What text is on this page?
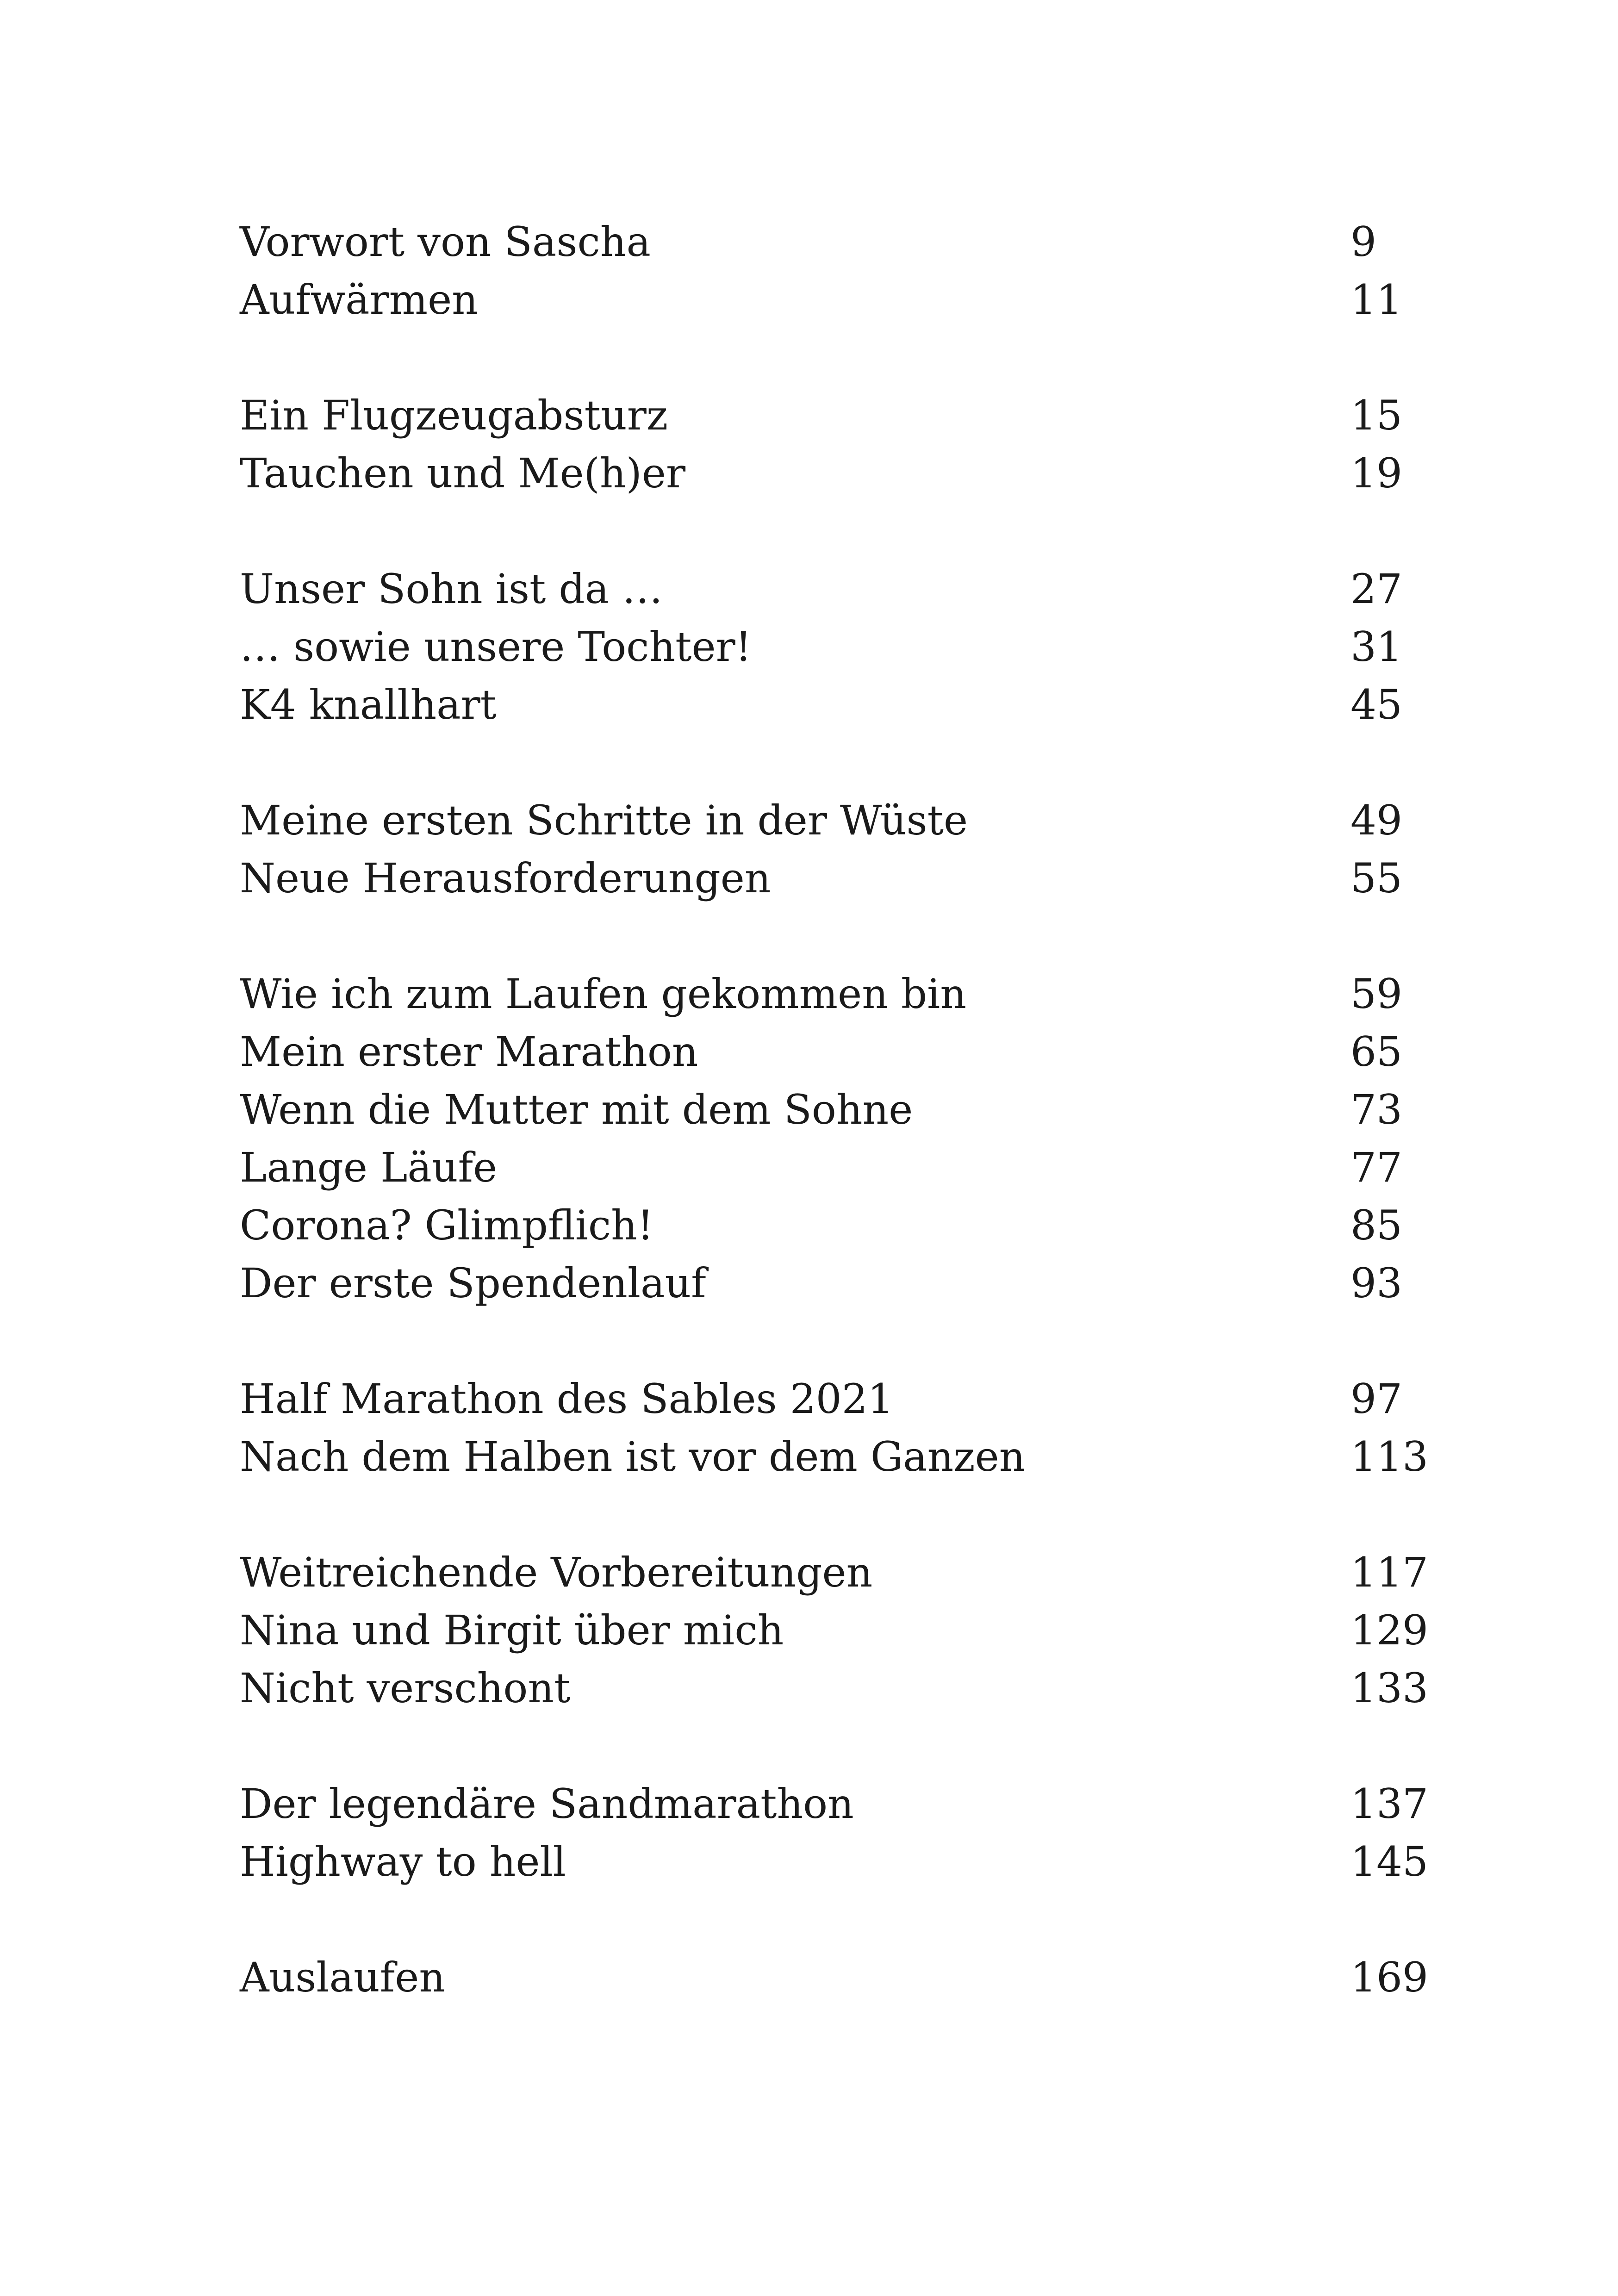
Vorwort von Sascha	9
Aufwärmen	11
Ein Flugzeugabsturz	15
Tauchen und Me(h)er	19
Unser Sohn ist da …	27
… sowie unsere Tochter!	31
K4 knallhart	45
Meine ersten Schritte in der Wüste	49
Neue Herausforderungen	55
Wie ich zum Laufen gekommen bin	59
Mein erster Marathon	65
Wenn die Mutter mit dem Sohne	73
Lange Läufe	77
Corona? Glimpflich!	85
Der erste Spendenlauf	93
Half Marathon des Sables 2021	97
Nach dem Halben ist vor dem Ganzen	113
Weitreichende Vorbereitungen	117
Nina und Birgit über mich	129
Nicht verschont	133
Der legendäre Sandmarathon	137
Highway to hell	145
Auslaufen	169
